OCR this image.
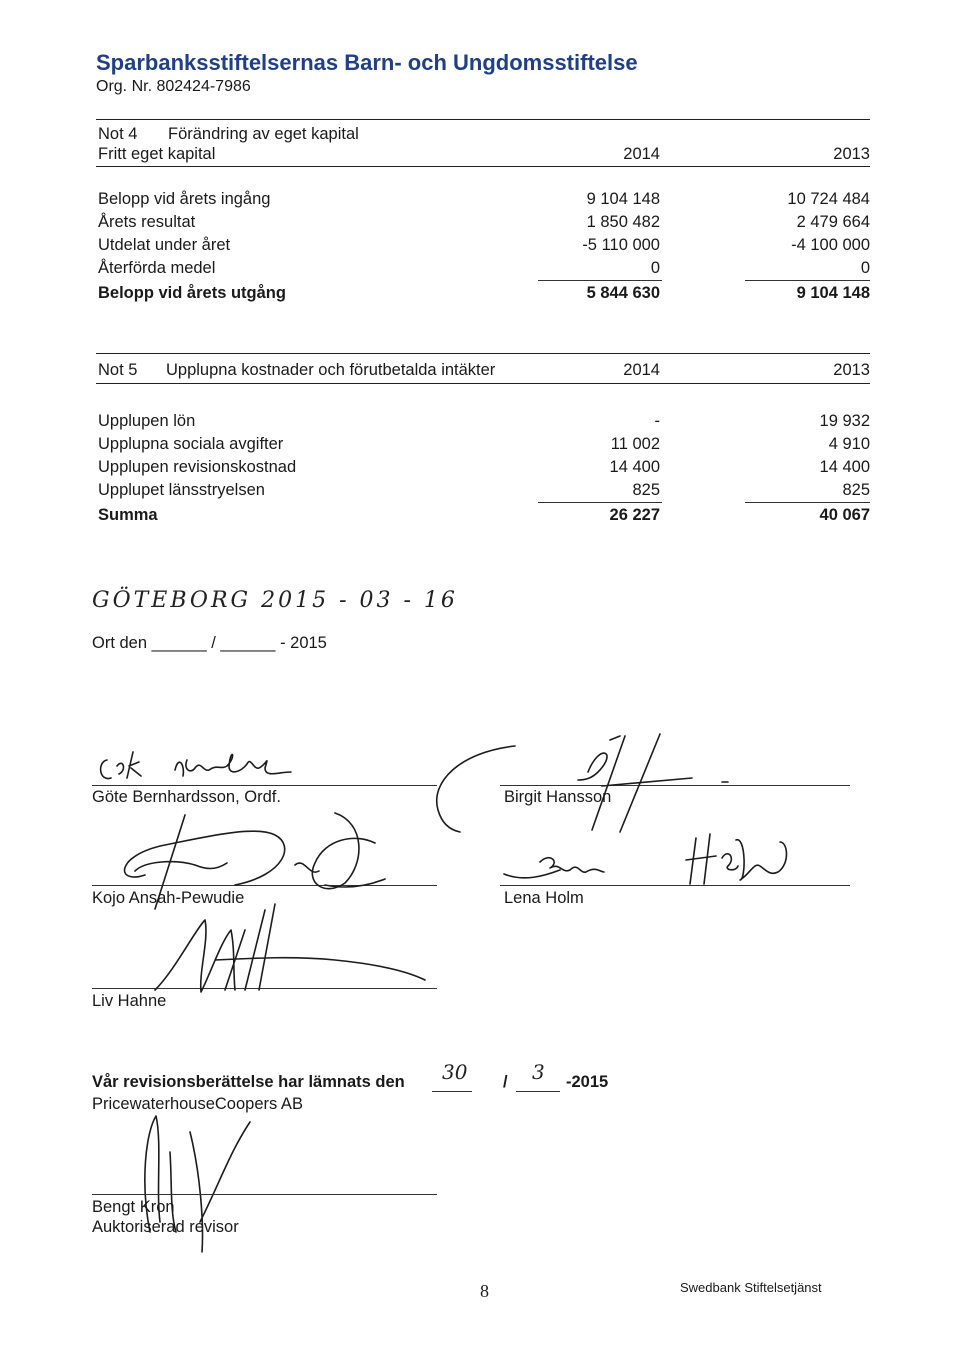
Sparbanksstiftelsernas Barn- och Ungdomsstiftelse
Org. Nr. 802424-7986
Not 4 Förändring av eget kapital
Fritt eget kapital	2014	2013
Belopp vid årets ingång	9 104 148	10 724 484
Årets resultat	1 850 482	2 479 664
Utdelat under året	-5 110 000	-4 100 000
Återförda medel	0	0
Belopp vid årets utgång	5 844 630	9 104 148
Not 5 Upplupna kostnader och förutbetalda intäkter	2014	2013
Upplupen lön	-	19 932
Upplupna sociala avgifter	11 002	4 910
Upplupen revisionskostnad	14 400	14 400
Upplupet länsstryelsen	825	825
Summa	26 227	40 067
GÖTEBORG 2015 - 03 - 16
Ort den ______ / ______ - 2015
Göte Bernhardsson, Ordf.	Birgit Hansson
Kojo Ansah-Pewudie	Lena Holm
Liv Hahne
Vår revisionsberättelse har lämnats den 30 / 3 -2015
PricewaterhouseCoopers AB
Bengt Kron
Auktoriserad revisor
8	Swedbank Stiftelsetjänst
